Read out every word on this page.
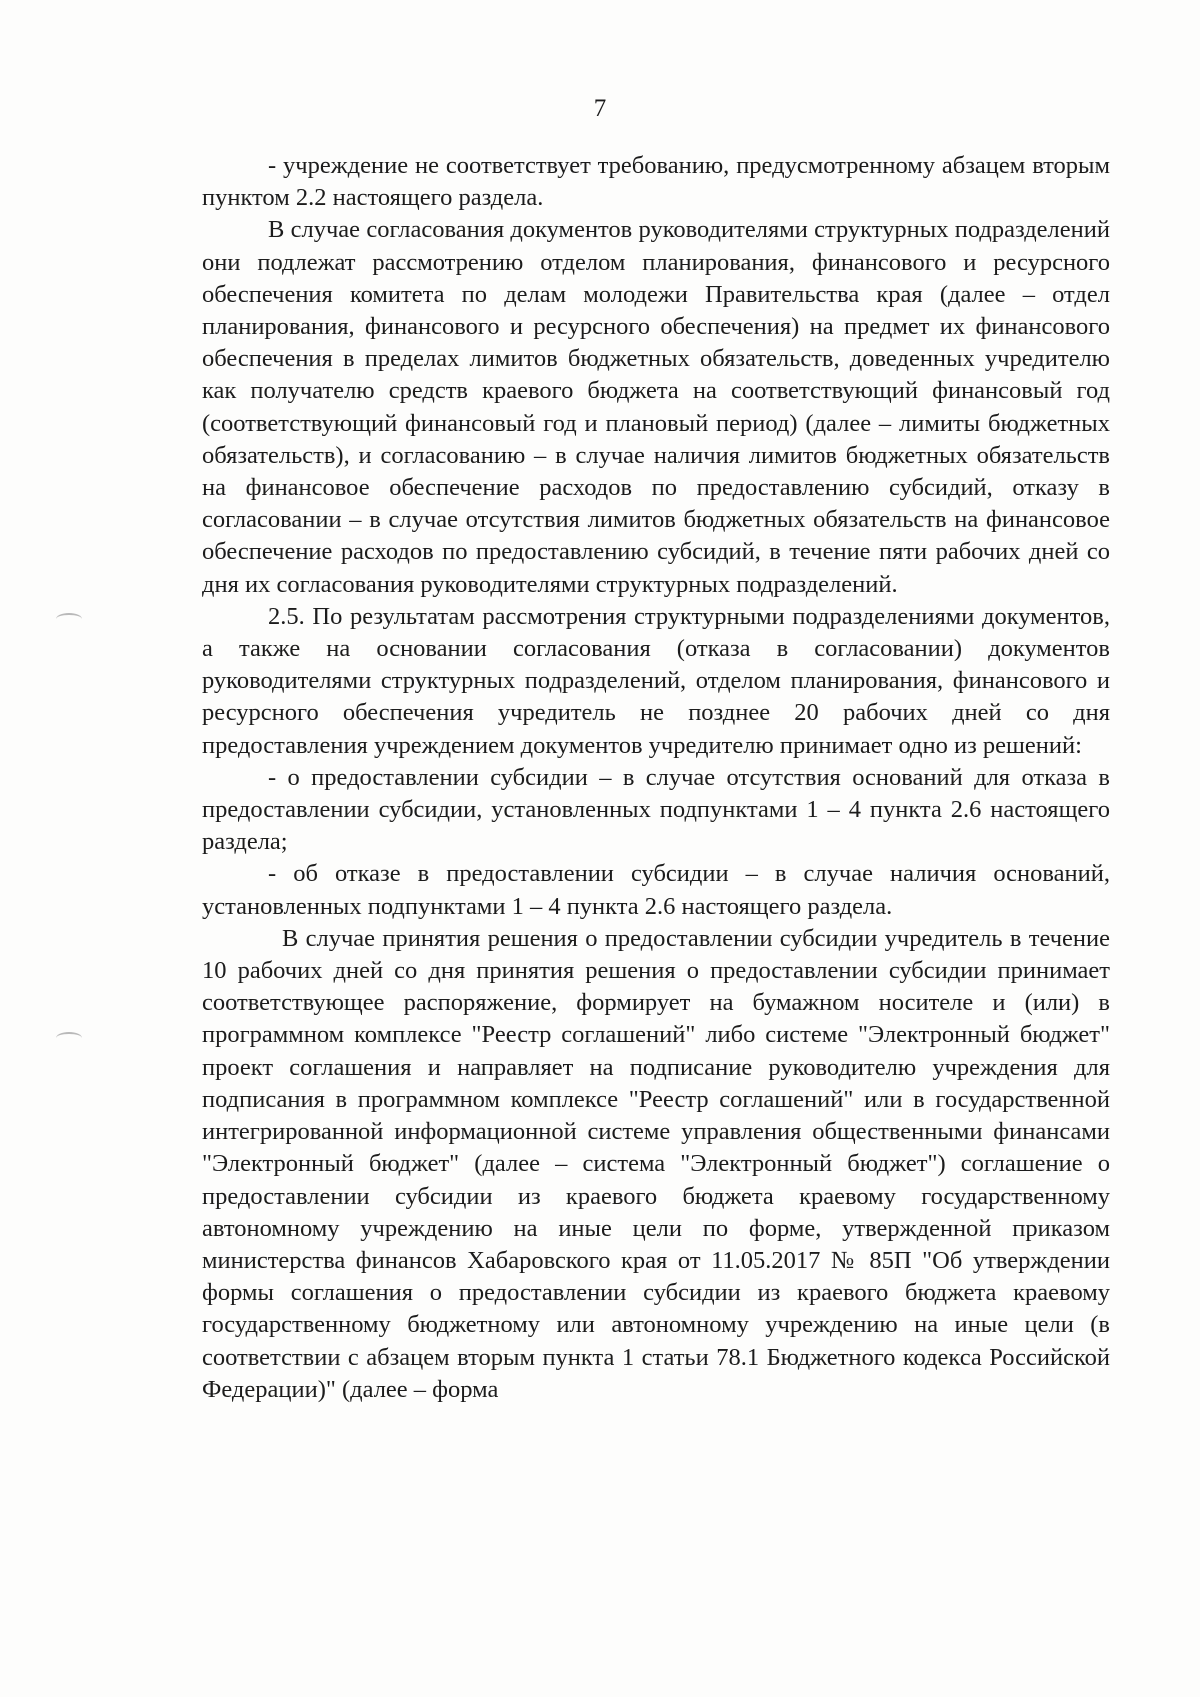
7

- учреждение не соответствует требованию, предусмотренному абзацем вторым пунктом 2.2 настоящего раздела.

В случае согласования документов руководителями структурных подразделений они подлежат рассмотрению отделом планирования, финансового и ресурсного обеспечения комитета по делам молодежи Правительства края (далее – отдел планирования, финансового и ресурсного обеспечения) на предмет их финансового обеспечения в пределах лимитов бюджетных обязательств, доведенных учредителю как получателю средств краевого бюджета на соответствующий финансовый год (соответствующий финансовый год и плановый период) (далее – лимиты бюджетных обязательств), и согласованию – в случае наличия лимитов бюджетных обязательств на финансовое обеспечение расходов по предоставлению субсидий, отказу в согласовании – в случае отсутствия лимитов бюджетных обязательств на финансовое обеспечение расходов по предоставлению субсидий, в течение пяти рабочих дней со дня их согласования руководителями структурных подразделений.

2.5. По результатам рассмотрения структурными подразделениями документов, а также на основании согласования (отказа в согласовании) документов руководителями структурных подразделений, отделом планирования, финансового и ресурсного обеспечения учредитель не позднее 20 рабочих дней со дня предоставления учреждением документов учредителю принимает одно из решений:

- о предоставлении субсидии – в случае отсутствия оснований для отказа в предоставлении субсидии, установленных подпунктами 1 – 4 пункта 2.6 настоящего раздела;

- об отказе в предоставлении субсидии – в случае наличия оснований, установленных подпунктами 1 – 4 пункта 2.6 настоящего раздела.

В случае принятия решения о предоставлении субсидии учредитель в течение 10 рабочих дней со дня принятия решения о предоставлении субсидии принимает соответствующее распоряжение, формирует на бумажном носителе и (или) в программном комплексе "Реестр соглашений" либо системе "Электронный бюджет" проект соглашения и направляет на подписание руководителю учреждения для подписания в программном комплексе "Реестр соглашений" или в государственной интегрированной информационной системе управления общественными финансами "Электронный бюджет" (далее – система "Электронный бюджет") соглашение о предоставлении субсидии из краевого бюджета краевому государственному автономному учреждению на иные цели по форме, утвержденной приказом министерства финансов Хабаровского края от 11.05.2017 № 85П "Об утверждении формы соглашения о предоставлении субсидии из краевого бюджета краевому государственному бюджетному или автономному учреждению на иные цели (в соответствии с абзацем вторым пункта 1 статьи 78.1 Бюджетного кодекса Российской Федерации)" (далее – форма
